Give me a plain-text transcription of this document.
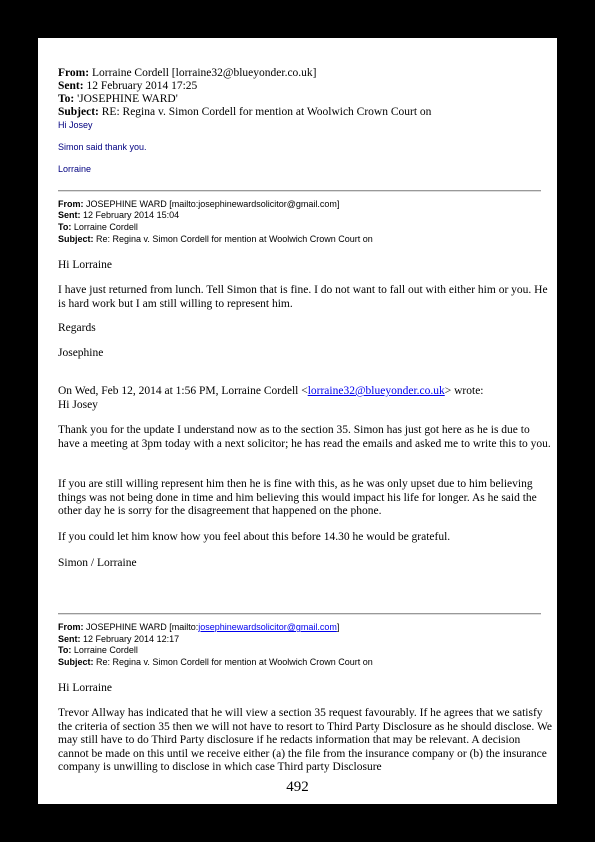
From: Lorraine Cordell [lorraine32@blueyonder.co.uk]
Sent: 12 February 2014 17:25
To: 'JOSEPHINE WARD'
Subject: RE: Regina v. Simon Cordell for mention at Woolwich Crown Court on
Hi Josey
Simon said thank you.
Lorraine
From: JOSEPHINE WARD [mailto:josephinewardsolicitor@gmail.com]
Sent: 12 February 2014 15:04
To: Lorraine Cordell
Subject: Re: Regina v. Simon Cordell for mention at Woolwich Crown Court on
Hi Lorraine
I have just returned from lunch. Tell Simon that is fine. I do not want to fall out with either him or you. He is hard work but I am still willing to represent him.
Regards
Josephine
On Wed, Feb 12, 2014 at 1:56 PM, Lorraine Cordell <lorraine32@blueyonder.co.uk> wrote:
Hi Josey
Thank you for the update I understand now as to the section 35. Simon has just got here as he is due to have a meeting at 3pm today with a next solicitor; he has read the emails and asked me to write this to you.
If you are still willing represent him then he is fine with this, as he was only upset due to him believing things was not being done in time and him believing this would impact his life for longer. As he said the other day he is sorry for the disagreement that happened on the phone.
If you could let him know how you feel about this before 14.30 he would be grateful.
Simon / Lorraine
From: JOSEPHINE WARD [mailto:josephinewardsolicitor@gmail.com]
Sent: 12 February 2014 12:17
To: Lorraine Cordell
Subject: Re: Regina v. Simon Cordell for mention at Woolwich Crown Court on
Hi Lorraine
Trevor Allway has indicated that he will view a section 35 request favourably. If he agrees that we satisfy the criteria of section 35 then we will not have to resort to Third Party Disclosure as he should disclose. We may still have to do Third Party disclosure if he redacts information that may be relevant. A decision cannot be made on this until we receive either (a) the file from the insurance company or (b) the insurance company is unwilling to disclose in which case Third party Disclosure
492
